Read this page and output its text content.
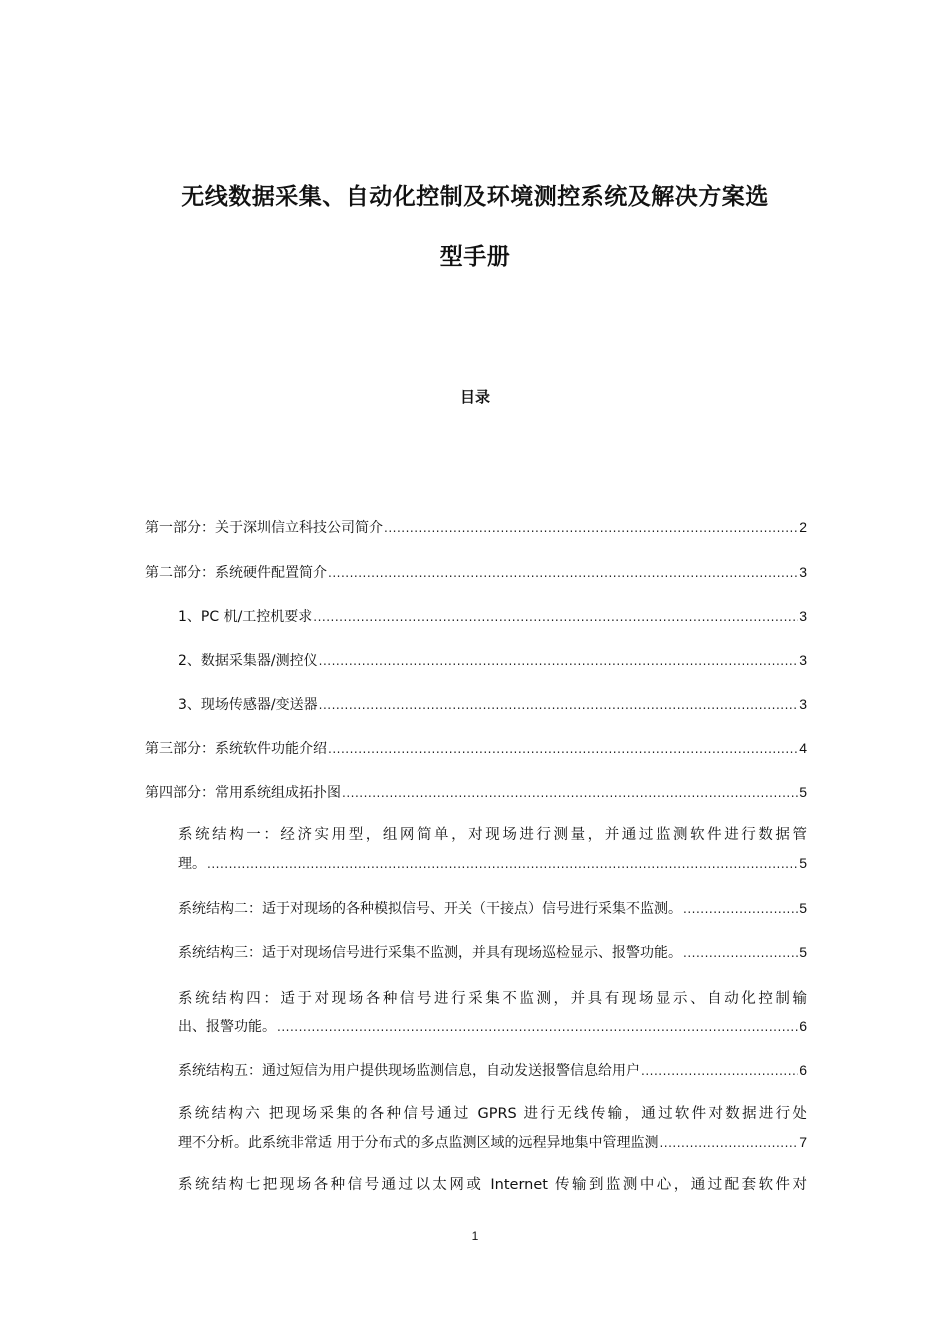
无线数据采集、自动化控制及环境测控系统及解决方案选
型手册
目录
第一部分：关于深圳信立科技公司简介 .....	2
第二部分：系统硬件配置简介 .....	3
1、PC 机/工控机要求 .....	3
2、数据采集器/测控仪 .....	3
3、现场传感器/变送器 .....	3
第三部分：系统软件功能介绍 .....	4
第四部分：常用系统组成拓扑图 .....	5
系统结构一：经济实用型，组网简单，对现场进行测量，并通过监测软件进行数据管
理。 .....	5
系统结构二：适于对现场的各种模拟信号、开关（干接点）信号进行采集不监测。 .....	5
系统结构三：适于对现场信号进行采集不监测，并具有现场巡检显示、报警功能。 .....	5
系统结构四：适于对现场各种信号进行采集不监测，并具有现场显示、自动化控制输
出、报警功能。 .....	6
系统结构五：通过短信为用户提供现场监测信息，自动发送报警信息给用户 .....	6
系统结构六 把现场采集的各种信号通过 GPRS 进行无线传输，通过软件对数据进行处
理不分析。此系统非常适 用于分布式的多点监测区域的远程异地集中管理监测 .....	7
系统结构七把现场各种信号通过以太网或 Internet 传输到监测中心，通过配套软件对
1
